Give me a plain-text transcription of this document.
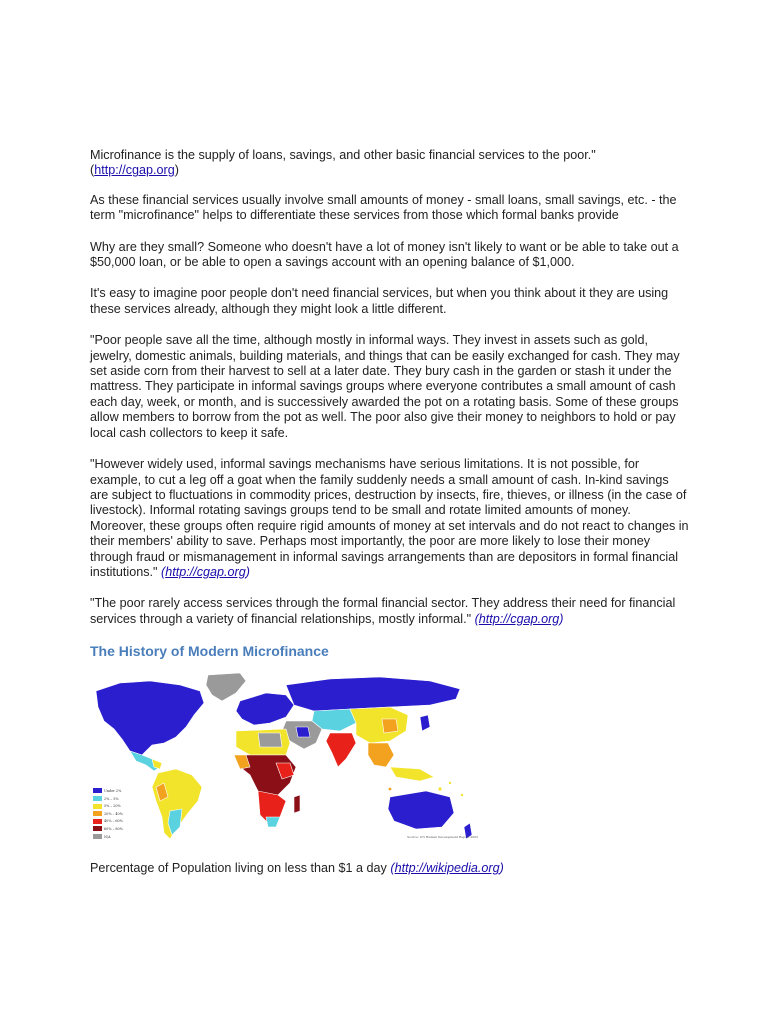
Microfinance is the supply of loans, savings, and other basic financial services to the poor."
(http://cgap.org)

As these financial services usually involve small amounts of money - small loans, small savings, etc. - the term "microfinance" helps to differentiate these services from those which formal banks provide

Why are they small? Someone who doesn't have a lot of money isn't likely to want or be able to take out a $50,000 loan, or be able to open a savings account with an opening balance of $1,000.

It's easy to imagine poor people don't need financial services, but when you think about it they are using these services already, although they might look a little different.

"Poor people save all the time, although mostly in informal ways. They invest in assets such as gold, jewelry, domestic animals, building materials, and things that can be easily exchanged for cash. They may set aside corn from their harvest to sell at a later date. They bury cash in the garden or stash it under the mattress. They participate in informal savings groups where everyone contributes a small amount of cash each day, week, or month, and is successively awarded the pot on a rotating basis. Some of these groups allow members to borrow from the pot as well. The poor also give their money to neighbors to hold or pay local cash collectors to keep it safe.

"However widely used, informal savings mechanisms have serious limitations. It is not possible, for example, to cut a leg off a goat when the family suddenly needs a small amount of cash. In-kind savings are subject to fluctuations in commodity prices, destruction by insects, fire, thieves, or illness (in the case of livestock). Informal rotating savings groups tend to be small and rotate limited amounts of money. Moreover, these groups often require rigid amounts of money at set intervals and do not react to changes in their members' ability to save. Perhaps most importantly, the poor are more likely to lose their money through fraud or mismanagement in informal savings arrangements than are depositors in formal financial institutions." (http://cgap.org)

"The poor rarely access services through the formal financial sector. They address their need for financial services through a variety of financial relationships, mostly informal." (http://cgap.org)

The History of Modern Microfinance
Under 2%
2% – 5%
5% – 20%
20% – 40%
40% – 60%
60% – 80%
N/A	Source: UN Human Development Report 2005
Percentage of Population living on less than $1 a day (http://wikipedia.org)
